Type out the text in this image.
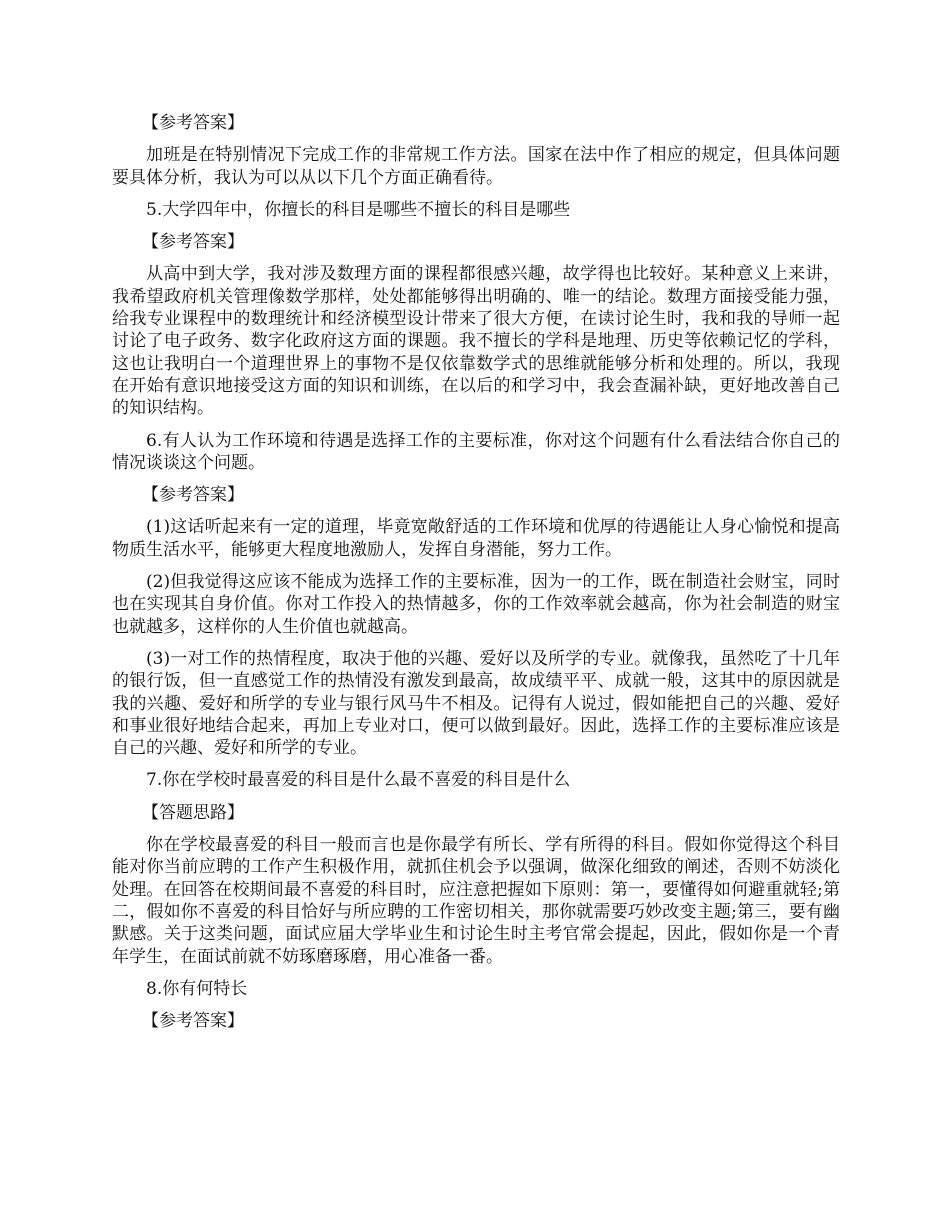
【参考答案】
加班是在特别情况下完成工作的非常规工作方法。国家在法中作了相应的规定，但具体问题要具体分析，我认为可以从以下几个方面正确看待。
5.大学四年中，你擅长的科目是哪些不擅长的科目是哪些
【参考答案】
从高中到大学，我对涉及数理方面的课程都很感兴趣，故学得也比较好。某种意义上来讲，我希望政府机关管理像数学那样，处处都能够得出明确的、唯一的结论。数理方面接受能力强，给我专业课程中的数理统计和经济模型设计带来了很大方便，在读讨论生时，我和我的导师一起讨论了电子政务、数字化政府这方面的课题。我不擅长的学科是地理、历史等依赖记忆的学科，这也让我明白一个道理世界上的事物不是仅依靠数学式的思维就能够分析和处理的。所以，我现在开始有意识地接受这方面的知识和训练，在以后的和学习中，我会查漏补缺，更好地改善自己的知识结构。
6.有人认为工作环境和待遇是选择工作的主要标准，你对这个问题有什么看法结合你自己的情况谈谈这个问题。
【参考答案】
(1)这话听起来有一定的道理，毕竟宽敞舒适的工作环境和优厚的待遇能让人身心愉悦和提高物质生活水平，能够更大程度地激励人，发挥自身潜能，努力工作。
(2)但我觉得这应该不能成为选择工作的主要标准，因为一的工作，既在制造社会财宝，同时也在实现其自身价值。你对工作投入的热情越多，你的工作效率就会越高，你为社会制造的财宝也就越多，这样你的人生价值也就越高。
(3)一对工作的热情程度，取决于他的兴趣、爱好以及所学的专业。就像我，虽然吃了十几年的银行饭，但一直感觉工作的热情没有激发到最高，故成绩平平、成就一般，这其中的原因就是我的兴趣、爱好和所学的专业与银行风马牛不相及。记得有人说过，假如能把自己的兴趣、爱好和事业很好地结合起来，再加上专业对口，便可以做到最好。因此，选择工作的主要标准应该是自己的兴趣、爱好和所学的专业。
7.你在学校时最喜爱的科目是什么最不喜爱的科目是什么
【答题思路】
你在学校最喜爱的科目一般而言也是你最学有所长、学有所得的科目。假如你觉得这个科目能对你当前应聘的工作产生积极作用，就抓住机会予以强调，做深化细致的阐述，否则不妨淡化处理。在回答在校期间最不喜爱的科目时，应注意把握如下原则：第一，要懂得如何避重就轻;第二，假如你不喜爱的科目恰好与所应聘的工作密切相关，那你就需要巧妙改变主题;第三，要有幽默感。关于这类问题，面试应届大学毕业生和讨论生时主考官常会提起，因此，假如你是一个青年学生，在面试前就不妨琢磨琢磨，用心准备一番。
8.你有何特长
【参考答案】
